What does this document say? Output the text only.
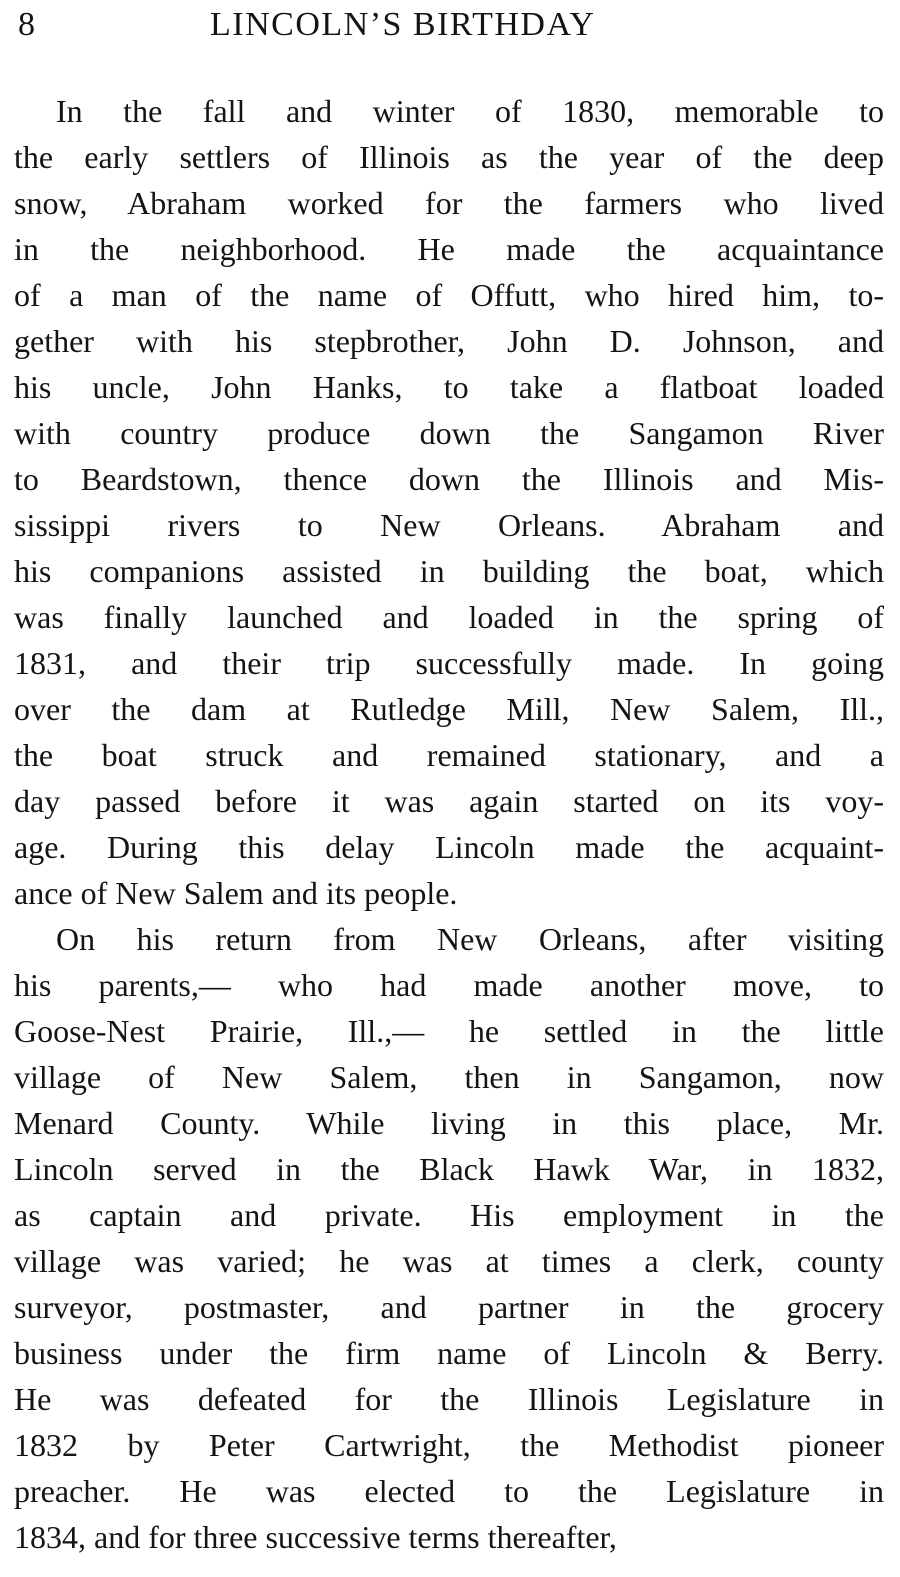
8	LINCOLN’S BIRTHDAY
In the fall and winter of 1830, memorable to
the early settlers of Illinois as the year of the deep
snow, Abraham worked for the farmers who lived
in the neighborhood. He made the acquaintance
of a man of the name of Offutt, who hired him, to-
gether with his stepbrother, John D. Johnson, and
his uncle, John Hanks, to take a flatboat loaded
with country produce down the Sangamon River
to Beardstown, thence down the Illinois and Mis-
sissippi rivers to New Orleans. Abraham and
his companions assisted in building the boat, which
was finally launched and loaded in the spring of
1831, and their trip successfully made. In going
over the dam at Rutledge Mill, New Salem, Ill.,
the boat struck and remained stationary, and a
day passed before it was again started on its voy-
age. During this delay Lincoln made the acquaint-
ance of New Salem and its people.
On his return from New Orleans, after visiting
his parents,— who had made another move, to
Goose-Nest Prairie, Ill.,— he settled in the little
village of New Salem, then in Sangamon, now
Menard County. While living in this place, Mr.
Lincoln served in the Black Hawk War, in 1832,
as captain and private. His employment in the
village was varied; he was at times a clerk, county
surveyor, postmaster, and partner in the grocery
business under the firm name of Lincoln & Berry.
He was defeated for the Illinois Legislature in
1832 by Peter Cartwright, the Methodist pioneer
preacher. He was elected to the Legislature in
1834, and for three successive terms thereafter,
